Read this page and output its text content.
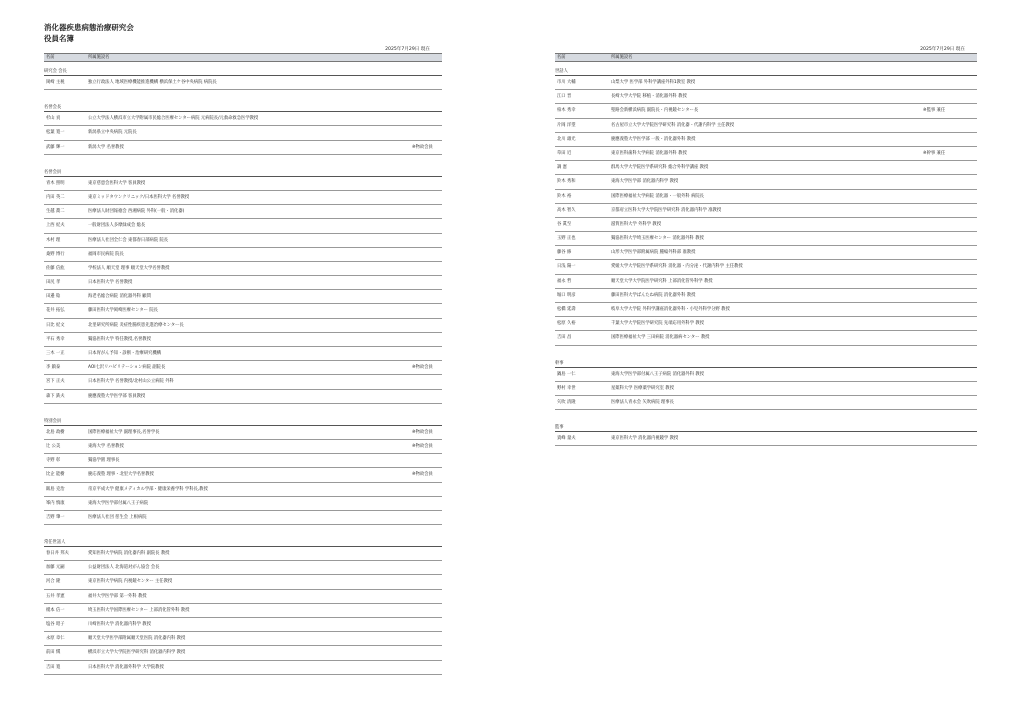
消化器疾患病態治療研究会
役員名簿
2025年7月29日 現在
名前	所属施設名
研究会 会長
岡崎 主税	独立行政法人 地域医療機能推進機構 横浜保土ケ谷中央病院 病院長
名誉会長
杉山 貢	公立大学法人横浜市立大学附属市民総合医療センター病院 元病院長/元救命救急医学教授
松葉 寛一	新潟県立中央病院 元院長
武藤 輝一	新潟大学 名誉教授	※物故会員
名誉会員
青木 照明	東京慈恵会医科大学 客員教授
内田 英二	東京ミッドタウンクリニック/日本医科大学 名誉教授
生越 喬二	医療法人財団報徳会 西湘病院 外科(一般・消化器)
上西 紀夫	一般財団法人多摩緑成会 総長
木村 理	医療法人社団全仁会 東都春日部病院 院長
桑野 博行	福岡市民病院 院長
佐藤 信紘	学校法人 順天堂 理事 順天堂大学名誉教授
田尻 孝	日本医科大学 名誉教授
田邉 稔	海老名総合病院 消化器外科 顧問
花井 拓弘	藤田医科大学岡崎医療センター 院長
日比 紀文	北里研究所病院 炎症性腸疾患先進治療センター長
平石 秀幸	獨協医科大学 特任教授,名誉教授
三木 一正	日本胃がん予知・診断・治療研究機構
李 鎮泰	AOI七沢リハビリテーション病院 副院長	※物故会員
宮下 正夫	日本医科大学 名誉教授/北村山公立病院 外科
森下 鉄夫	慶應義塾大学医学部 客員教授
特別会員
北島 政樹	国際医療福祉大学 副理事長,名誉学長	※物故会員
辻 公美	東海大学 名誉教授	※物故会員
寺野 彰	獨協学園 理事長
比企 能樹	慶応義塾 理事・北里大学名誉教授	※物故会員
飯島 克治	帝京平成大学 健康メディカル学部・健康栄養学科 学科長,教授
峯内 慎康	東海大学医学部付属八王子病院
吉野 肇一	医療法人社団 慈生会 上根病院
常任世話人
春日井 邦夫	愛知医科大学病院 消化器内科 副院長 教授
加藤 元嗣	公益財団法人 北海道対がん協会 会長
河合 隆	東京医科大学病院 内視鏡センター 主任教授
五井 孝憲	福井大学医学部 第一外科 教授
榎本 信一	埼玉医科大学国際医療センター 上部消化管外科 教授
塩谷 昭子	川崎医科大学 消化器内科学 教授
永原 章仁	順天堂大学医学部附属順天堂医院 消化器内科 教授
前田 愼	横浜市立大学大学院医学研究科 消化器内科学 教授
吉田 寛	日本医科大学 消化器外科学 大学院教授
2025年7月29日 現在
名前	所属施設名
世話人
市川 大輔	山梨大学 医学部 外科学講座外科1教室 教授
江口 晋	長崎大学大学院 移植・消化器外科 教授
柏木 秀幸	聖路会新横浜病院 副院長・内視鏡センター長	※監事 兼任
片岡 洋望	名古屋市立大学大学院医学研究科 消化器・代謝内科学 主任教授
北川 雄光	慶應義塾大学医学部 一般・消化器外科 教授
草田 近	東京医科歯科大学病院 消化器外科 教授	※幹事 兼任
調 憲	群馬大学大学院医学系研究科 総合外科学講座 教授
鈴木 秀和	東海大学医学部 消化器内科学 教授
鈴木 裕	国際医療福祉大学病院 消化器・一般外科 病院長
高木 智久	京都府立医科大学大学院医学研究科 消化器内科学 准教授
谷 眞至	滋賀医科大学 外科学 教授
玉野 正也	獨協医科大学埼玉医療センター 消化器外科 教授
藤谷 修	山形大学医学部附属病院 腫瘍外科部 准教授
日浅 陽一	愛媛大学大学院医学系研究科 消化器・内分泌・代謝内科学 主任教授
福永 哲	順天堂大学大学院医学研究科 上部消化管外科学 教授
堀口 明彦	藤田医科大学ばんたね病院 消化器外科 教授
松橋 延壽	岐阜大学大学院 外科学講座消化器外科・小児外科学分野 教授
松原 久裕	千葉大学大学院医学研究院 先端応用外科学 教授
吉田 昌	国際医療福祉大学 三田病院 消化器病センター 教授
幹事
鍋島 一仁	東海大学医学部付属八王子病院 消化器外科 教授
野村 幸世	星薬科大学 医療薬学研究室 教授
矢吹 清隆	医療法人青永会 矢吹病院 理事長
監事
貴峰 量夫	東京医科大学 消化器内視鏡学 教授
